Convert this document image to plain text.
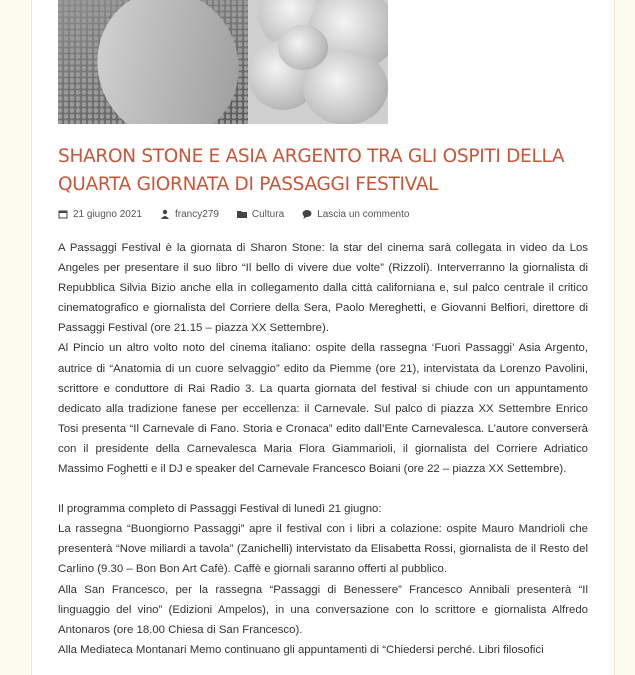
SHARON STONE E ASIA ARGENTO TRA GLI OSPITI DELLA QUARTA GIORNATA DI PASSAGGI FESTIVAL
21 giugno 2021	francy279	Cultura	Lascia un commento

A Passaggi Festival è la giornata di Sharon Stone: la star del cinema sarà collegata in video da Los Angeles per presentare il suo libro “Il bello di vivere due volte” (Rizzoli). Interverranno la giornalista di Repubblica Silvia Bizio anche ella in collegamento dalla città californiana e, sul palco centrale il critico cinematografico e giornalista del Corriere della Sera, Paolo Mereghetti, e Giovanni Belfiori, direttore di Passaggi Festival (ore 21.15 – piazza XX Settembre).

Al Pincio un altro volto noto del cinema italiano: ospite della rassegna ‘Fuori Passaggi’ Asia Argento, autrice di “Anatomia di un cuore selvaggio” edito da Piemme (ore 21), intervistata da Lorenzo Pavolini, scrittore e conduttore di Rai Radio 3. La quarta giornata del festival si chiude con un appuntamento dedicato alla tradizione fanese per eccellenza: il Carnevale. Sul palco di piazza XX Settembre Enrico Tosi presenta “Il Carnevale di Fano. Storia e Cronaca” edito dall’Ente Carnevalesca. L’autore converserà con il presidente della Carnevalesca Maria Flora Giammarioli, il giornalista del Corriere Adriatico Massimo Foghetti e il DJ e speaker del Carnevale Francesco Boiani (ore 22 – piazza XX Settembre).

Il programma completo di Passaggi Festival di lunedì 21 giugno:

La rassegna “Buongiorno Passaggi” apre il festival con i libri a colazione: ospite Mauro Mandrioli che presenterà “Nove miliardi a tavola” (Zanichelli) intervistato da Elisabetta Rossi, giornalista de il Resto del Carlino (9.30 – Bon Bon Art Cafè). Caffè e giornali saranno offerti al pubblico.

Alla San Francesco, per la rassegna “Passaggi di Benessere” Francesco Annibali presenterà “Il linguaggio del vino” (Edizioni Ampelos), in una conversazione con lo scrittore e giornalista Alfredo Antonaros (ore 18.00 Chiesa di San Francesco).

Alla Mediateca Montanari Memo continuano gli appuntamenti di “Chiedersi perché. Libri filosofici
